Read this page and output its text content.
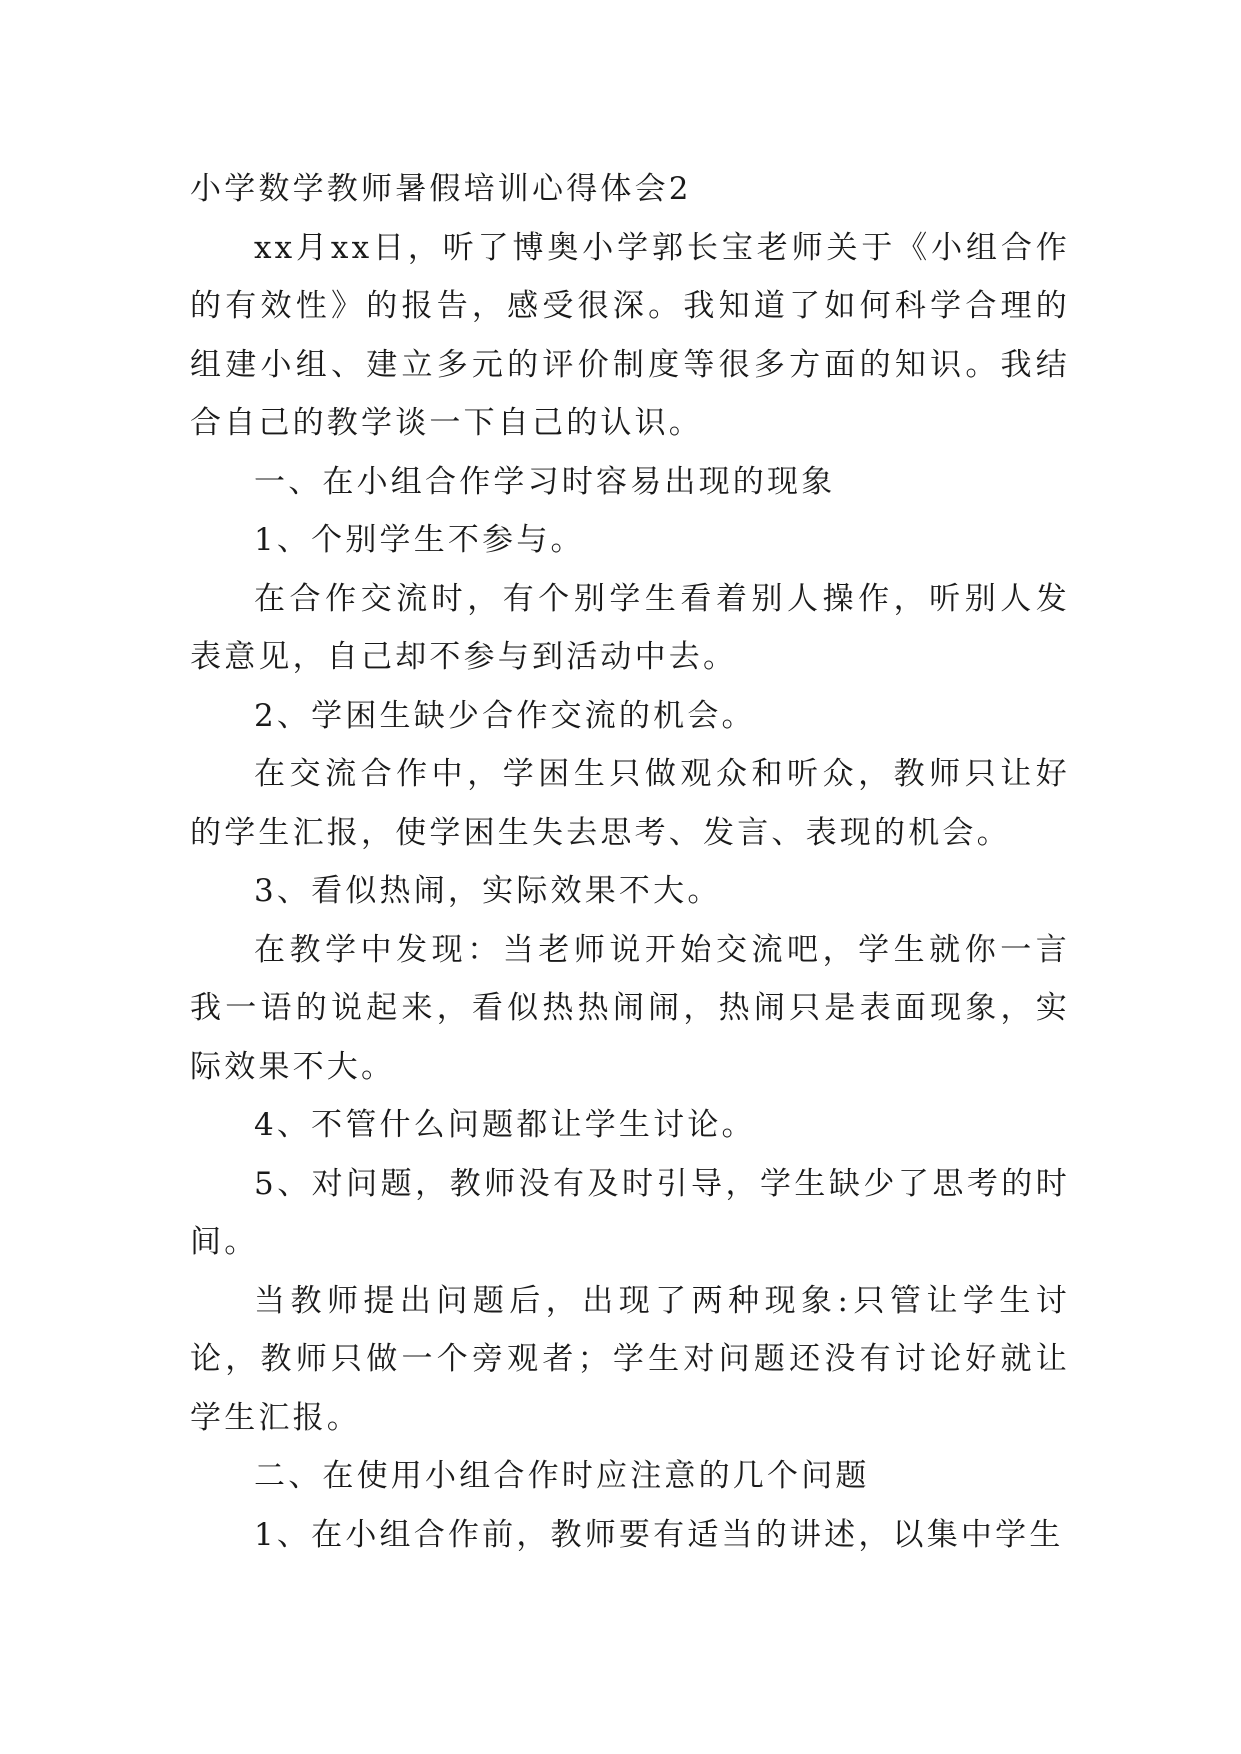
小学数学教师暑假培训心得体会2

xx月xx日，听了博奥小学郭长宝老师关于《小组合作的有效性》的报告，感受很深。我知道了如何科学合理的组建小组、建立多元的评价制度等很多方面的知识。我结合自己的教学谈一下自己的认识。

一、在小组合作学习时容易出现的现象

1、个别学生不参与。

在合作交流时，有个别学生看着别人操作，听别人发表意见，自己却不参与到活动中去。

2、学困生缺少合作交流的机会。

在交流合作中，学困生只做观众和听众，教师只让好的学生汇报，使学困生失去思考、发言、表现的机会。

3、看似热闹，实际效果不大。

在教学中发现：当老师说开始交流吧，学生就你一言我一语的说起来，看似热热闹闹，热闹只是表面现象，实际效果不大。

4、不管什么问题都让学生讨论。

5、对问题，教师没有及时引导，学生缺少了思考的时间。

当教师提出问题后，出现了两种现象:只管让学生讨论，教师只做一个旁观者；学生对问题还没有讨论好就让学生汇报。

二、在使用小组合作时应注意的几个问题

1、在小组合作前，教师要有适当的讲述，以集中学生
